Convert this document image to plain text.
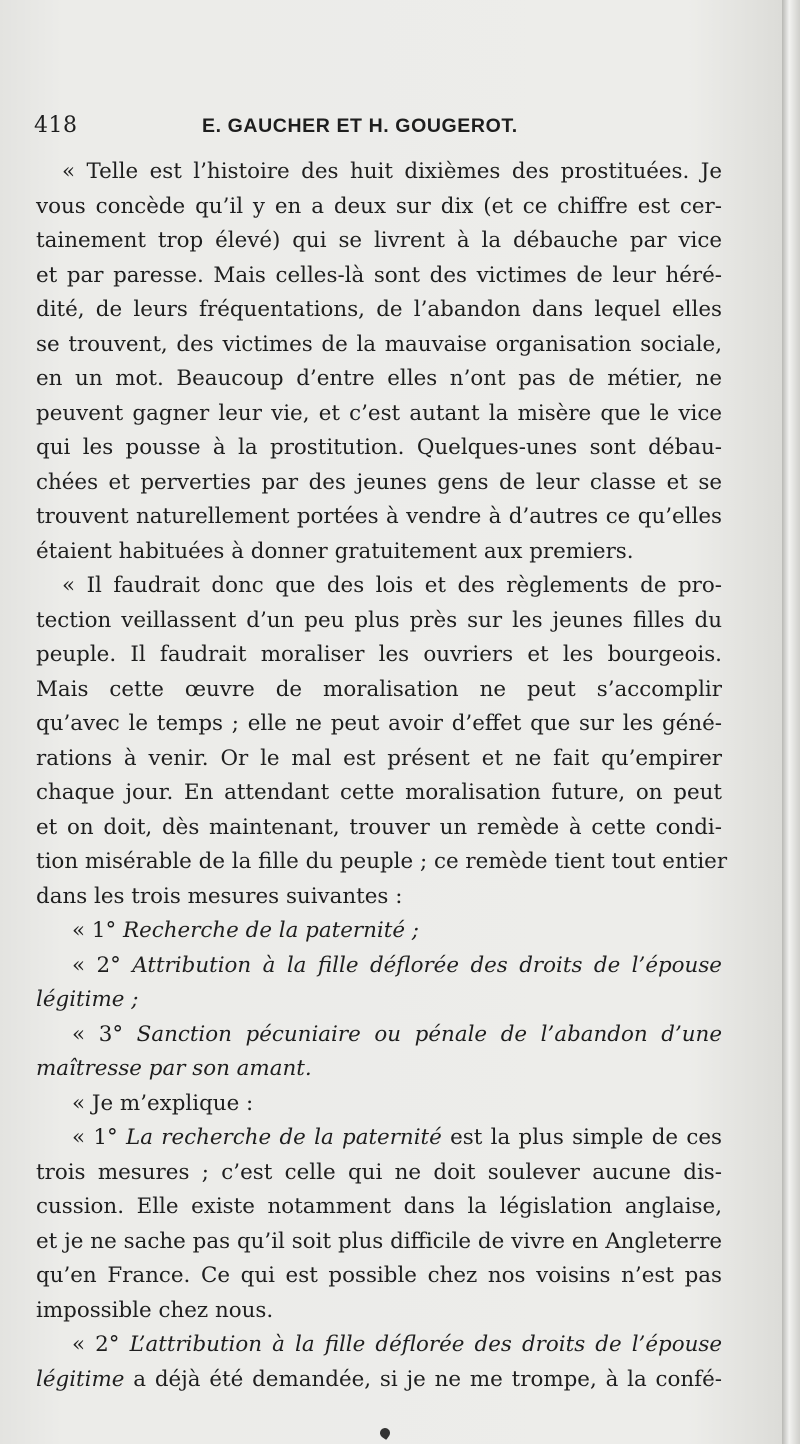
418	E. GAUCHER ET H. GOUGEROT.
« Telle est l’histoire des huit dixièmes des prostituées. Je
vous concède qu’il y en a deux sur dix (et ce chiffre est cer-
tainement trop élevé) qui se livrent à la débauche par vice
et par paresse. Mais celles-là sont des victimes de leur héré-
dité, de leurs fréquentations, de l’abandon dans lequel elles
se trouvent, des victimes de la mauvaise organisation sociale,
en un mot. Beaucoup d’entre elles n’ont pas de métier, ne
peuvent gagner leur vie, et c’est autant la misère que le vice
qui les pousse à la prostitution. Quelques-unes sont débau-
chées et perverties par des jeunes gens de leur classe et se
trouvent naturellement portées à vendre à d’autres ce qu’elles
étaient habituées à donner gratuitement aux premiers.
« Il faudrait donc que des lois et des règlements de pro-
tection veillassent d’un peu plus près sur les jeunes filles du
peuple. Il faudrait moraliser les ouvriers et les bourgeois.
Mais cette œuvre de moralisation ne peut s’accomplir
qu’avec le temps ; elle ne peut avoir d’effet que sur les géné-
rations à venir. Or le mal est présent et ne fait qu’empirer
chaque jour. En attendant cette moralisation future, on peut
et on doit, dès maintenant, trouver un remède à cette condi-
tion misérable de la fille du peuple ; ce remède tient tout entier
dans les trois mesures suivantes :
« 1° Recherche de la paternité ;
« 2° Attribution à la fille déflorée des droits de l’épouse
légitime ;
« 3° Sanction pécuniaire ou pénale de l’abandon d’une
maîtresse par son amant.
« Je m’explique :
« 1° La recherche de la paternité est la plus simple de ces
trois mesures ; c’est celle qui ne doit soulever aucune dis-
cussion. Elle existe notamment dans la législation anglaise,
et je ne sache pas qu’il soit plus difficile de vivre en Angleterre
qu’en France. Ce qui est possible chez nos voisins n’est pas
impossible chez nous.
« 2° L’attribution à la fille déflorée des droits de l’épouse
légitime a déjà été demandée, si je ne me trompe, à la confé-
